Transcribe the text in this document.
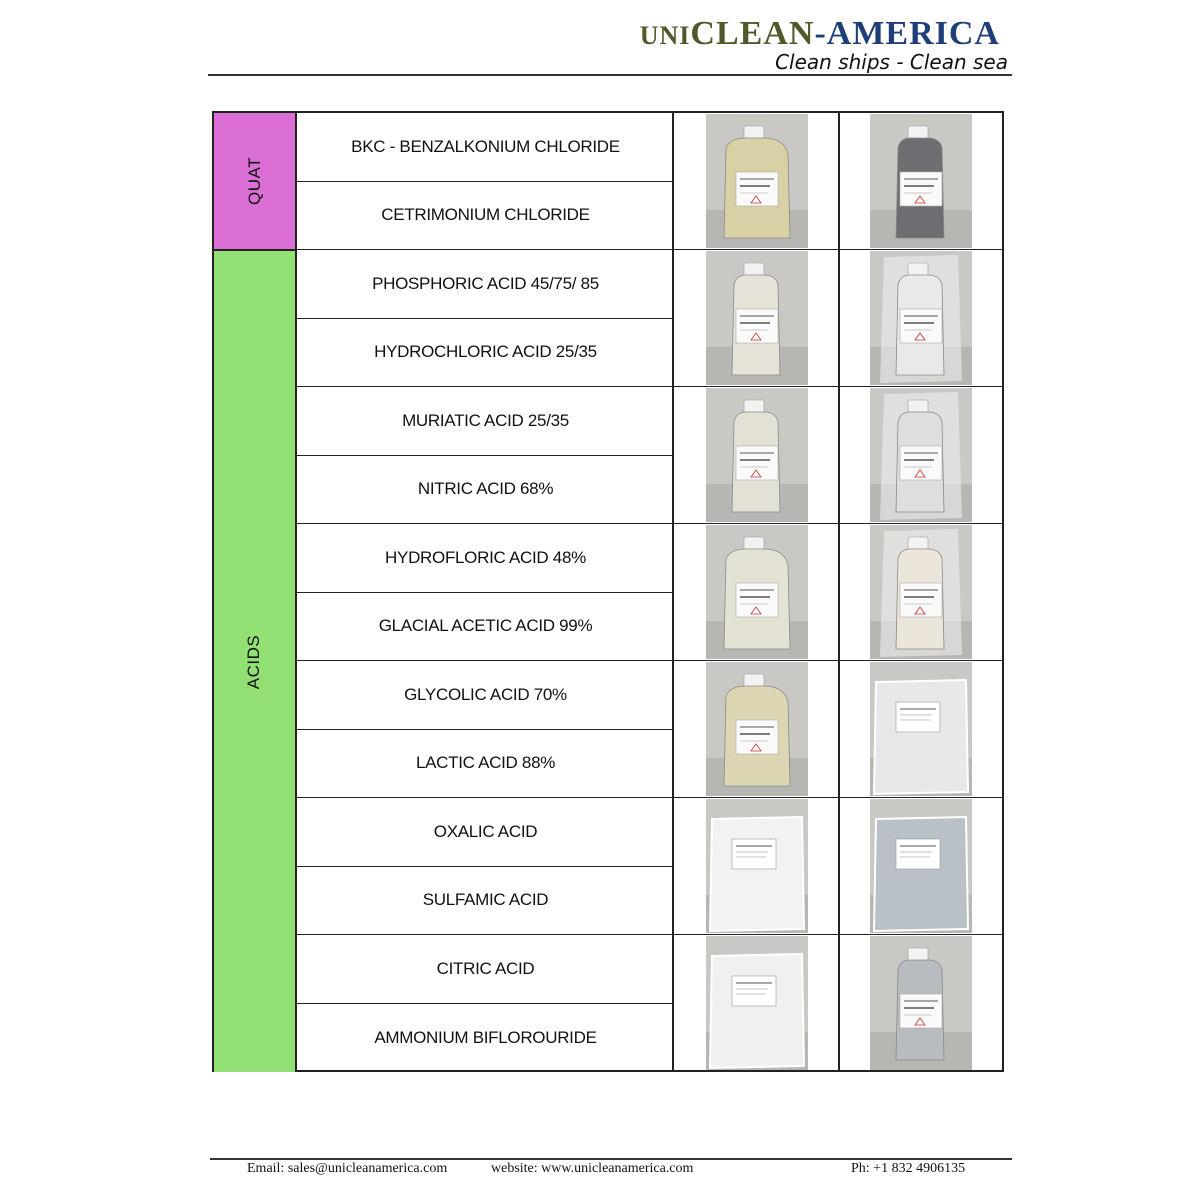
UNICLEAN-AMERICA
Clean ships - Clean sea
QUAT
ACIDS
BKC - BENZALKONIUM CHLORIDE
CETRIMONIUM CHLORIDE
PHOSPHORIC ACID 45/75/ 85
HYDROCHLORIC ACID 25/35
MURIATIC ACID 25/35
NITRIC ACID 68%
HYDROFLORIC ACID 48%
GLACIAL ACETIC ACID 99%
GLYCOLIC ACID 70%
LACTIC ACID 88%
OXALIC ACID
SULFAMIC ACID
CITRIC ACID
AMMONIUM BIFLOROURIDE
Email: sales@unicleanamerica.com	website: www.unicleanamerica.com	Ph: +1 832 4906135
